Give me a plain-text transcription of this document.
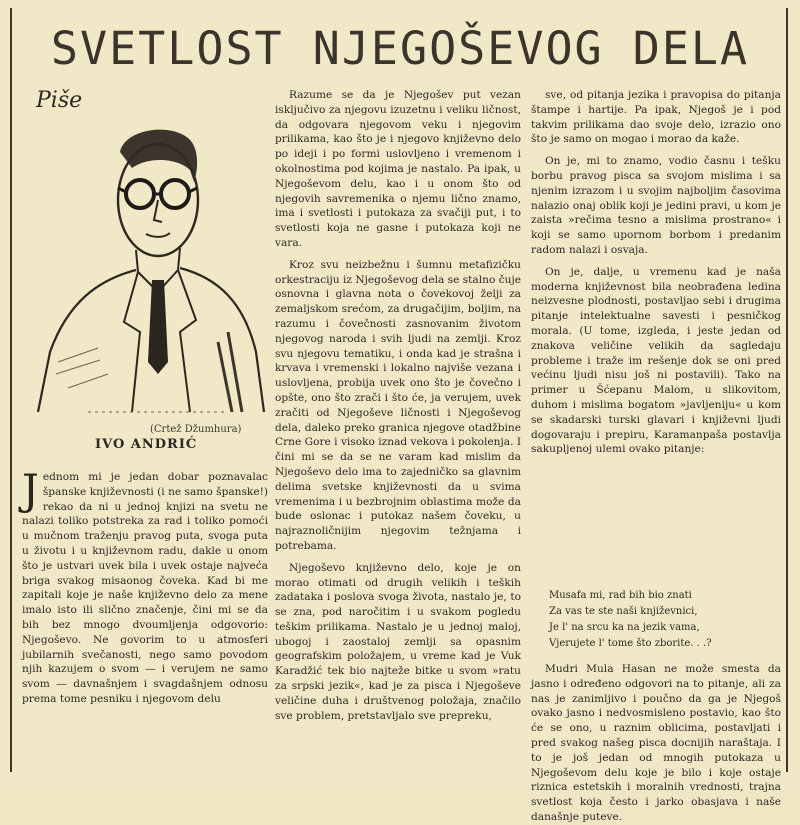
SVETLOST NJEGOŠEVOG DELA
Piše
(Crtež Džumhura)
IVO ANDRIĆ

Jednom mi je jedan dobar poznavalac španske književnosti (i ne samo španske!) rekao da ni u jednoj knjizi na svetu ne nalazi toliko potstreka za rad i toliko pomoći u mučnom traženju pravog puta, svoga puta u životu i u književnom radu, dakle u onom što je ustvari uvek bila i uvek ostaje najveća briga svakog misaonog čoveka. Kad bi me zapitali koje je naše književno delo za mene imalo isto ili slično značenje, čini mi se da bih bez mnogo dvoumljenja odgovorio: Njegoševo. Ne govorim to u atmosferi jubilarnih svečanosti, nego samo povodom njih kazujem o svom — i verujem ne samo svom — davnašnjem i svagdašnjem odnosu prema tome pesniku i njegovom delu

Razume se da je Njegošev put vezan isključivo za njegovu izuzetnu i veliku ličnost, da odgovara njegovom veku i njegovim prilikama, kao što je i njegovo književno delo po ideji i po formi uslovljeno i vremenom i okolnostima pod kojima je nastalo. Pa ipak, u Njegoševom delu, kao i u onom što od njegovih savremenika o njemu lično znamo, ima i svetlosti i putokaza za svačiji put, i to svetlosti koja ne gasne i putokaza koji ne vara.

Kroz svu neizbežnu i šumnu metafizičku orkestraciju iz Njegoševog dela se stalno čuje osnovna i glavna nota o čovekovoj želji za zemaljskom srećom, za drugačijim, boljim, na razumu i čovečnosti zasnovanim životom njegovog naroda i svih ljudi na zemlji. Kroz svu njegovu tematiku, i onda kad je strašna i krvava i vremenski i lokalno najviše vezana i uslovljena, probija uvek ono što je čovečno i opšte, ono što zrači i što će, ja verujem, uvek zračiti od Njegoševe ličnosti i Njegoševog dela, daleko preko granica njegove otadžbine Crne Gore i visoko iznad vekova i pokolenja. I čini mi se da se ne varam kad mislim da Njegoševo delo ima to zajedničko sa glavnim delima svetske književnosti da u svima vremenima i u bezbrojnim oblastima može da bude oslonac i putokaz našem čoveku, u najraznoličnijim njegovim težnjama i potrebama.

Njegoševo književno delo, koje je on morao otimati od drugih velikih i teških zadataka i poslova svoga života, nastalo je, to se zna, pod naročitim i u svakom pogledu teškim prilikama. Nastalo je u jednoj maloj, ubogoj i zaostaloj zemlji sa opasnim geografskim položajem, u vreme kad je Vuk Karadžić tek bio najteže bitke u svom »ratu za srpski jezik«, kad je za pisca i Njegoševe veličine duha i društvenog položaja, značilo sve problem, pretstavljalo sve prepreku,

sve, od pitanja jezika i pravopisa do pitanja štampe i hartije. Pa ipak, Njegoš je i pod takvim prilikama dao svoje delo, izrazio ono što je samo on mogao i morao da kaže.

On je, mi to znamo, vodio časnu i tešku borbu pravog pisca sa svojom mislima i sa njenim izrazom i u svojim najboljim časovima nalazio onaj oblik koji je jedini pravi, u kom je zaista »rečima tesno a mislima prostrano« i koji se samo upornom borbom i predanim radom nalazi i osvaja.

On je, dalje, u vremenu kad je naša moderna književnost bila neobrađena ledina neizvesne plodnosti, postavljao sebi i drugima pitanje intelektualne savesti i pesničkog morala. (U tome, izgleda, i jeste jedan od znakova veličine velikih da sagledaju probleme i traže im rešenje dok se oni pred većinu ljudi nisu još ni postavili). Tako na primer u Šćepanu Malom, u slikovitom, duhom i mislima bogatom »javljeniju« u kom se skadarski turski glavari i književni ljudi dogovaraju i prepiru, Karamanpaša postavlja sakupljenoj ulemi ovako pitanje:

Musafa mi, rad bih bio znati
Za vas te ste naši književnici,
Je l' na srcu ka na jezik vama,
Vjerujete l' tome što zborite. . .?

Mudri Mula Hasan ne može smesta da jasno i određeno odgovori na to pitanje, ali za nas je zanimljivo i poučno da ga je Njegoš ovako jasno i nedvosmisleno postavio, kao što će se ono, u raznim oblicima, postavljati i pred svakog našeg pisca docnijih naraštaja. I to je još jedan od mnogih putokaza u Njegoševom delu koje je bilo i koje ostaje riznica estetskih i moralnih vrednosti, trajna svetlost koja često i jarko obasjava i naše današnje puteve.
